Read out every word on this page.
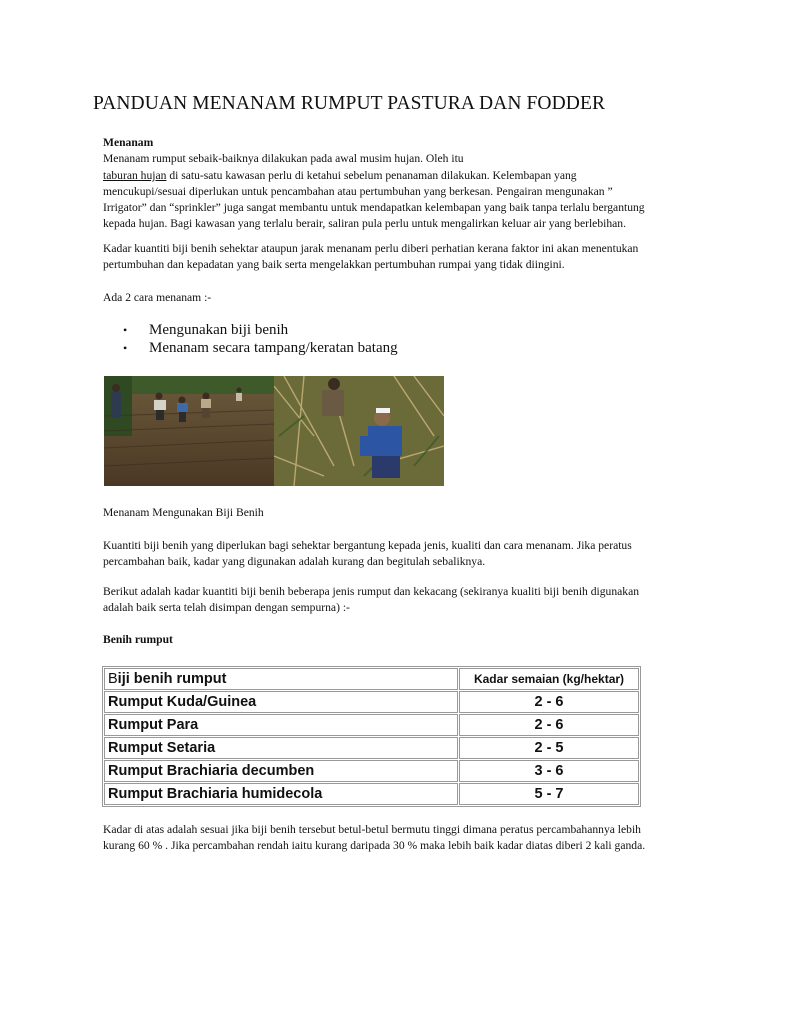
PANDUAN MENANAM RUMPUT PASTURA DAN FODDER
Menanam
Menanam rumput sebaik-baiknya dilakukan pada awal musim hujan. Oleh itu
taburan hujan di satu-satu kawasan perlu di ketahui sebelum penanaman dilakukan. Kelembapan yang
mencukupi/sesuai diperlukan untuk pencambahan atau pertumbuhan yang berkesan. Pengairan mengunakan ”
Irrigator” dan “sprinkler” juga sangat membantu untuk mendapatkan kelembapan yang baik tanpa terlalu bergantung
kepada hujan. Bagi kawasan yang terlalu berair, saliran pula perlu untuk mengalirkan keluar air yang berlebihan.
Kadar kuantiti biji benih sehektar ataupun jarak menanam perlu diberi perhatian kerana faktor ini akan menentukan
pertumbuhan dan kepadatan yang baik serta mengelakkan pertumbuhan rumpai yang tidak diingini.
Ada 2 cara menanam :-
• Mengunakan biji benih
• Menanam secara tampang/keratan batang
Menanam Mengunakan Biji Benih
Kuantiti biji benih yang diperlukan bagi sehektar bergantung kepada jenis, kualiti dan cara menanam. Jika peratus
percambahan baik, kadar yang digunakan adalah kurang dan begitulah sebaliknya.
Berikut adalah kadar kuantiti biji benih beberapa jenis rumput dan kekacang (sekiranya kualiti biji benih digunakan
adalah baik serta telah disimpan dengan sempurna) :-
Benih rumput
Biji benih rumput	Kadar semaian (kg/hektar)
Rumput Kuda/Guinea	2 - 6
Rumput Para	2 - 6
Rumput Setaria	2 - 5
Rumput Brachiaria decumben	3 - 6
Rumput Brachiaria humidecola	5 - 7
Kadar di atas adalah sesuai jika biji benih tersebut betul-betul bermutu tinggi dimana peratus percambahannya lebih
kurang 60 % . Jika percambahan rendah iaitu kurang daripada 30 % maka lebih baik kadar diatas diberi 2 kali ganda.
